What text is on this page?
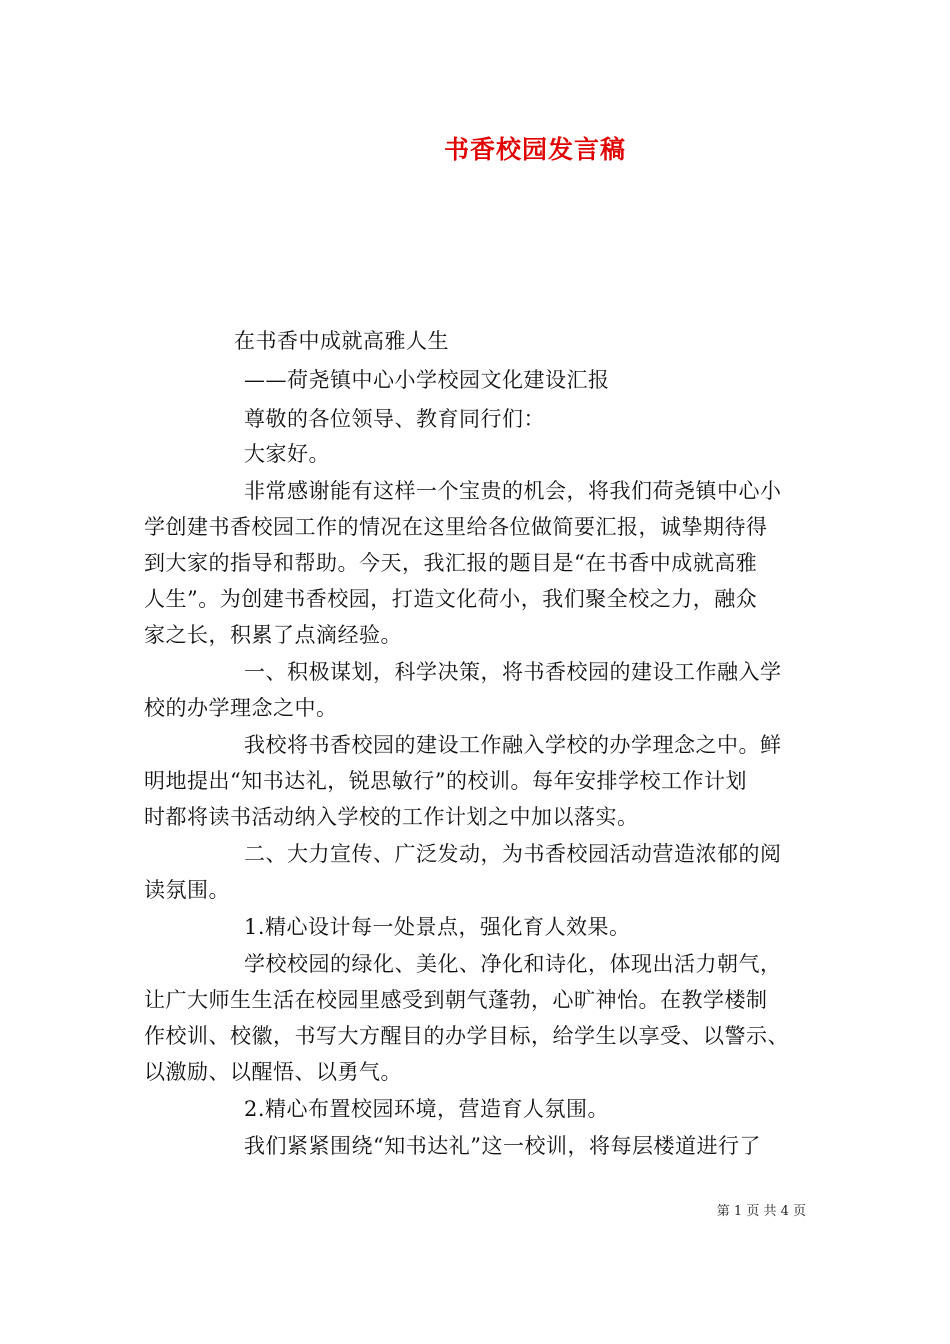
书香校园发言稿
在书香中成就高雅人生
——荷尧镇中心小学校园文化建设汇报
尊敬的各位领导、教育同行们：
大家好。
非常感谢能有这样一个宝贵的机会，将我们荷尧镇中心小
学创建书香校园工作的情况在这里给各位做简要汇报，诚挚期待得
到大家的指导和帮助。今天，我汇报的题目是“在书香中成就高雅
人生”。为创建书香校园，打造文化荷小，我们聚全校之力，融众
家之长，积累了点滴经验。
一、积极谋划，科学决策，将书香校园的建设工作融入学
校的办学理念之中。
我校将书香校园的建设工作融入学校的办学理念之中。鲜
明地提出“知书达礼，锐思敏行”的校训。每年安排学校工作计划
时都将读书活动纳入学校的工作计划之中加以落实。
二、大力宣传、广泛发动，为书香校园活动营造浓郁的阅
读氛围。
1.精心设计每一处景点，强化育人效果。
学校校园的绿化、美化、净化和诗化，体现出活力朝气，
让广大师生生活在校园里感受到朝气蓬勃，心旷神怡。在教学楼制
作校训、校徽，书写大方醒目的办学目标，给学生以享受、以警示、
以激励、以醒悟、以勇气。
2.精心布置校园环境，营造育人氛围。
我们紧紧围绕“知书达礼”这一校训，将每层楼道进行了
第 1 页 共 4 页
